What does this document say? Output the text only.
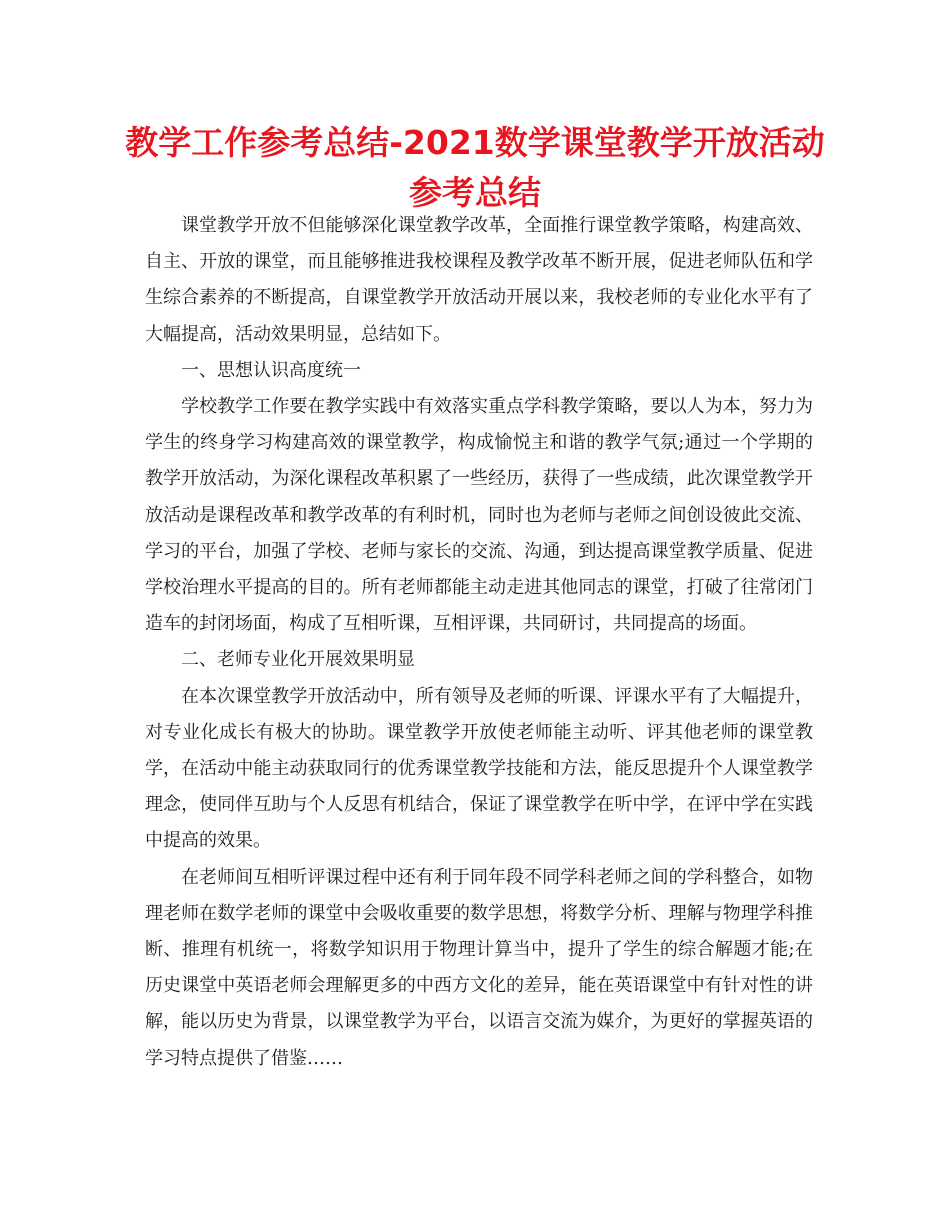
教学工作参考总结-2021数学课堂教学开放活动参考总结

课堂教学开放不但能够深化课堂教学改革，全面推行课堂教学策略，构建高效、自主、开放的课堂，而且能够推进我校课程及教学改革不断开展，促进老师队伍和学生综合素养的不断提高，自课堂教学开放活动开展以来，我校老师的专业化水平有了大幅提高，活动效果明显，总结如下。

一、思想认识高度统一

学校教学工作要在教学实践中有效落实重点学科教学策略，要以人为本，努力为学生的终身学习构建高效的课堂教学，构成愉悦主和谐的教学气氛;通过一个学期的教学开放活动，为深化课程改革积累了一些经历，获得了一些成绩，此次课堂教学开放活动是课程改革和教学改革的有利时机，同时也为老师与老师之间创设彼此交流、学习的平台，加强了学校、老师与家长的交流、沟通，到达提高课堂教学质量、促进学校治理水平提高的目的。所有老师都能主动走进其他同志的课堂，打破了往常闭门造车的封闭场面，构成了互相听课，互相评课，共同研讨，共同提高的场面。

二、老师专业化开展效果明显

在本次课堂教学开放活动中，所有领导及老师的听课、评课水平有了大幅提升，对专业化成长有极大的协助。课堂教学开放使老师能主动听、评其他老师的课堂教学，在活动中能主动获取同行的优秀课堂教学技能和方法，能反思提升个人课堂教学理念，使同伴互助与个人反思有机结合，保证了课堂教学在听中学，在评中学在实践中提高的效果。

在老师间互相听评课过程中还有利于同年段不同学科老师之间的学科整合，如物理老师在数学老师的课堂中会吸收重要的数学思想，将数学分析、理解与物理学科推断、推理有机统一，将数学知识用于物理计算当中，提升了学生的综合解题才能;在历史课堂中英语老师会理解更多的中西方文化的差异，能在英语课堂中有针对性的讲解，能以历史为背景，以课堂教学为平台，以语言交流为媒介，为更好的掌握英语的学习特点提供了借鉴……
